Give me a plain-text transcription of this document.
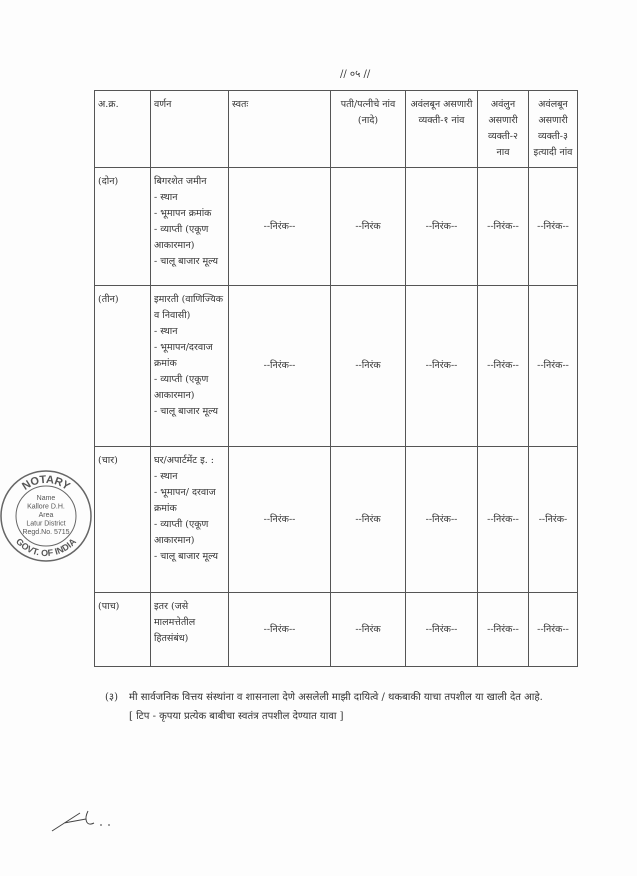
// ०५ //
अ.क्र.	वर्णन	स्वतः	पती/पत्नीचे नांव (नादे)	अवंलबून असणारी व्यक्ती-१ नांव	अवंलुन असणारी व्यक्ती-२ नाव	अवंलबून असणारी व्यक्ती-३ इत्यादी नांव
(दोन)	बिगरशेत जमीन
- स्थान
- भूमापन क्रमांक
- व्याप्ती (एकूण आकारमान)
- चालू बाजार मूल्य	--निरंक--	--निरंक	--निरंक--	--निरंक--	--निरंक--
(तीन)	इमारती (वाणिज्यिक व निवासी)
- स्थान
- भूमापन/दरवाज क्रमांक
- व्याप्ती (एकूण आकारमान)
- चालू बाजार मूल्य	--निरंक--	--निरंक	--निरंक--	--निरंक--	--निरंक--
(चार)	घर/अपार्टमेंट इ. :
- स्थान
- भूमापन/ दरवाज क्रमांक
- व्याप्ती (एकूण आकारमान)
- चालू बाजार मूल्य	--निरंक--	--निरंक	--निरंक--	--निरंक--	--निरंक-
(पाच)	इतर (जसे मालमत्तेतील हितसंबंध)	--निरंक--	--निरंक	--निरंक--	--निरंक--	--निरंक--
(३) मी सार्वजनिक वित्तय संस्थांना व शासनाला देणे असलेली माझी दायित्वे / थकबाकी याचा तपशील या खाली देत आहे.
[ टिप - कृपया प्रत्येक बाबीचा स्वतंत्र तपशील देण्यात यावा ]
NOTARY
GOVT. OF INDIA
Name
Kallore D.H.
Area
Latur District
Regd.No. 5715
